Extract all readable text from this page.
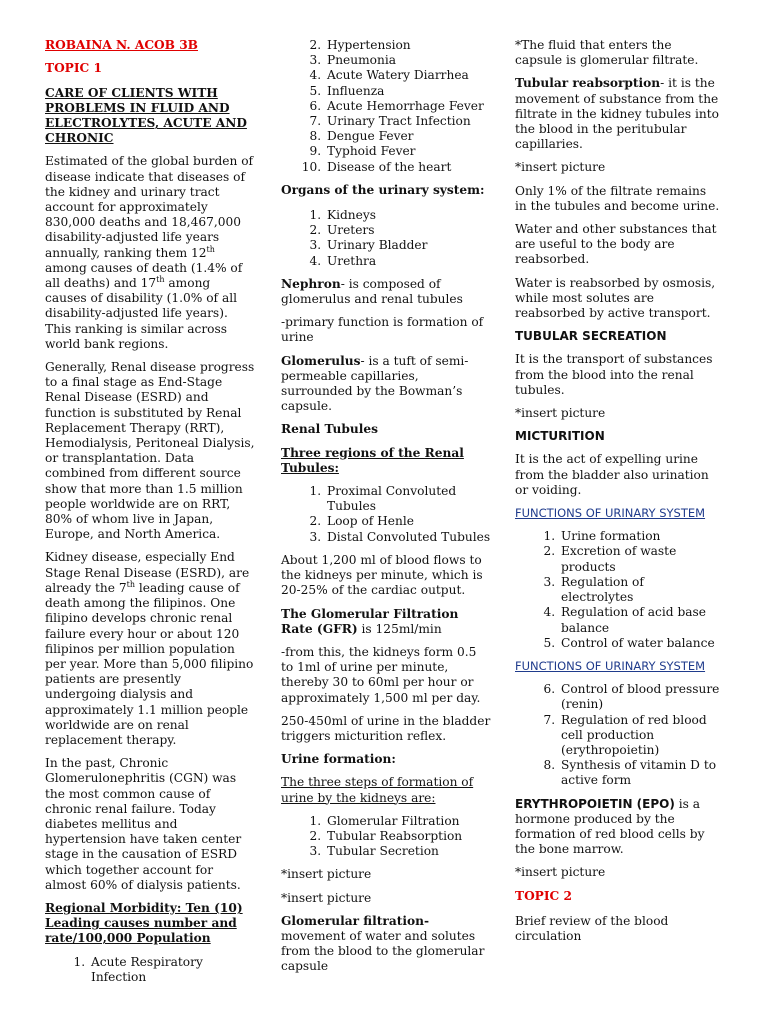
ROBAINA N. ACOB 3B

TOPIC 1

CARE OF CLIENTS WITH PROBLEMS IN FLUID AND ELECTROLYTES, ACUTE AND CHRONIC

Estimated of the global burden of disease indicate that diseases of the kidney and urinary tract account for approximately 830,000 deaths and 18,467,000 disability-adjusted life years annually, ranking them 12th among causes of death (1.4% of all deaths) and 17th among causes of disability (1.0% of all disability-adjusted life years). This ranking is similar across world bank regions.

Generally, Renal disease progress to a final stage as End-Stage Renal Disease (ESRD) and function is substituted by Renal Replacement Therapy (RRT), Hemodialysis, Peritoneal Dialysis, or transplantation. Data combined from different source show that more than 1.5 million people worldwide are on RRT, 80% of whom live in Japan, Europe, and North America.

Kidney disease, especially End Stage Renal Disease (ESRD), are already the 7th leading cause of death among the filipinos. One filipino develops chronic renal failure every hour or about 120 filipinos per million population per year. More than 5,000 filipino patients are presently undergoing dialysis and approximately 1.1 million people worldwide are on renal replacement therapy.

In the past, Chronic Glomerulonephritis (CGN) was the most common cause of chronic renal failure. Today diabetes mellitus and hypertension have taken center stage in the causation of ESRD which together account for almost 60% of dialysis patients.

Regional Morbidity: Ten (10) Leading causes number and rate/100,000 Population

1. Acute Respiratory Infection
2. Hypertension
3. Pneumonia
4. Acute Watery Diarrhea
5. Influenza
6. Acute Hemorrhage Fever
7. Urinary Tract Infection
8. Dengue Fever
9. Typhoid Fever
10. Disease of the heart

Organs of the urinary system:

1. Kidneys
2. Ureters
3. Urinary Bladder
4. Urethra

Nephron- is composed of glomerulus and renal tubules

-primary function is formation of urine

Glomerulus- is a tuft of semi-permeable capillaries, surrounded by the Bowman’s capsule.

Renal Tubules

Three regions of the Renal Tubules:

1. Proximal Convoluted Tubules
2. Loop of Henle
3. Distal Convoluted Tubules

About 1,200 ml of blood flows to the kidneys per minute, which is 20-25% of the cardiac output.

The Glomerular Filtration Rate (GFR) is 125ml/min

-from this, the kidneys form 0.5 to 1ml of urine per minute, thereby 30 to 60ml per hour or approximately 1,500 ml per day.

250-450ml of urine in the bladder triggers micturition reflex.

Urine formation:

The three steps of formation of urine by the kidneys are:

1. Glomerular Filtration
2. Tubular Reabsorption
3. Tubular Secretion

*insert picture

*insert picture

Glomerular filtration- movement of water and solutes from the blood to the glomerular capsule

*The fluid that enters the capsule is glomerular filtrate.

Tubular reabsorption- it is the movement of substance from the filtrate in the kidney tubules into the blood in the peritubular capillaries.

*insert picture

Only 1% of the filtrate remains in the tubules and become urine.

Water and other substances that are useful to the body are reabsorbed.

Water is reabsorbed by osmosis, while most solutes are reabsorbed by active transport.

TUBULAR SECREATION

It is the transport of substances from the blood into the renal tubules.

*insert picture

MICTURITION

It is the act of expelling urine from the bladder also urination or voiding.

FUNCTIONS OF URINARY SYSTEM

1. Urine formation
2. Excretion of waste products
3. Regulation of electrolytes
4. Regulation of acid base balance
5. Control of water balance

FUNCTIONS OF URINARY SYSTEM

6. Control of blood pressure (renin)
7. Regulation of red blood cell production (erythropoietin)
8. Synthesis of vitamin D to active form

ERYTHROPOIETIN (EPO) is a hormone produced by the formation of red blood cells by the bone marrow.

*insert picture

TOPIC 2

Brief review of the blood circulation
